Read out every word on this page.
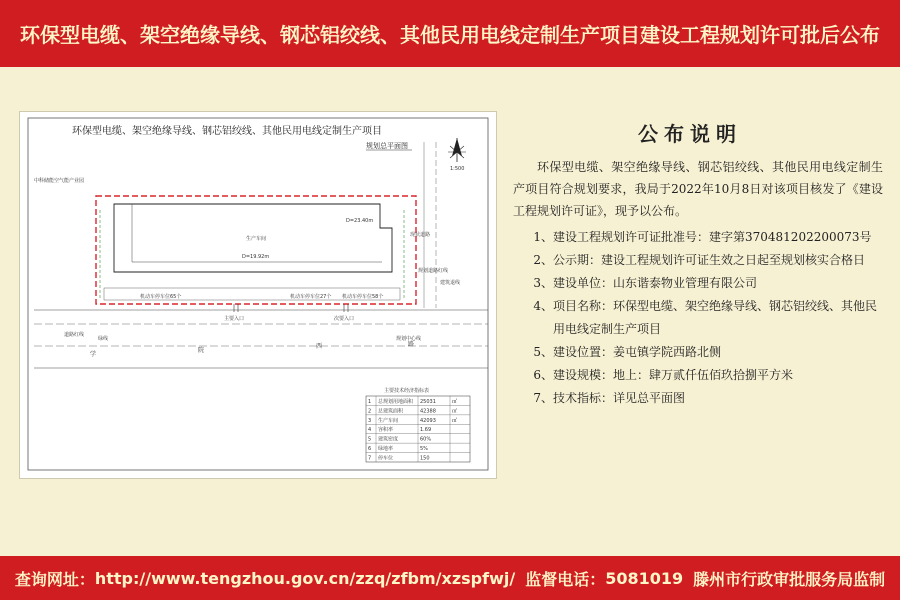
环保型电缆、架空绝缘导线、钢芯铝绞线、其他民用电线定制生产项目建设工程规划许可批后公布
环保型电缆、架空绝缘导线、钢芯铝绞线、其他民用电线定制生产项目
规划总平面图
1:500
生产车间
D=23.40m
D=19.92m
机动车停车位65个	机动车停车位27个 机动车停车位58个
主要入口	次要入口
学
院
西	路
中科储能空气能产业园
现状道路
规划中心线
道路红线
规划道路红线
建筑退线
绿线
主要技术经济指标表
1 总规划用地面积 25031	㎡
2 总建筑面积	42388	㎡
3 生产车间	42093	㎡
4 容积率	1.69
5 建筑密度	60%
6 绿地率	5%
7 停车位	150
公布说明
环保型电缆、架空绝缘导线、钢芯铝绞线、其他民用电线定制生产项目符合规划要求，我局于2022年10月8日对该项目核发了《建设工程规划许可证》，现予以公布。
1、 建设工程规划许可证批准号：建字第370481202200073号
2、 公示期：建设工程规划许可证生效之日起至规划核实合格日
3、 建设单位：山东谐泰物业管理有限公司
4、 项目名称：环保型电缆、架空绝缘导线、钢芯铝绞线、其他民用电线定制生产项目
5、 建设位置：姜屯镇学院西路北侧
6、 建设规模：地上：肆万贰仟伍佰玖拾捌平方米
7、 技术指标：详见总平面图
查询网址： http://www.tengzhou.gov.cn/zzq/zfbm/xzspfwj/ 监督电话： 5081019 滕州市行政审批服务局监制
